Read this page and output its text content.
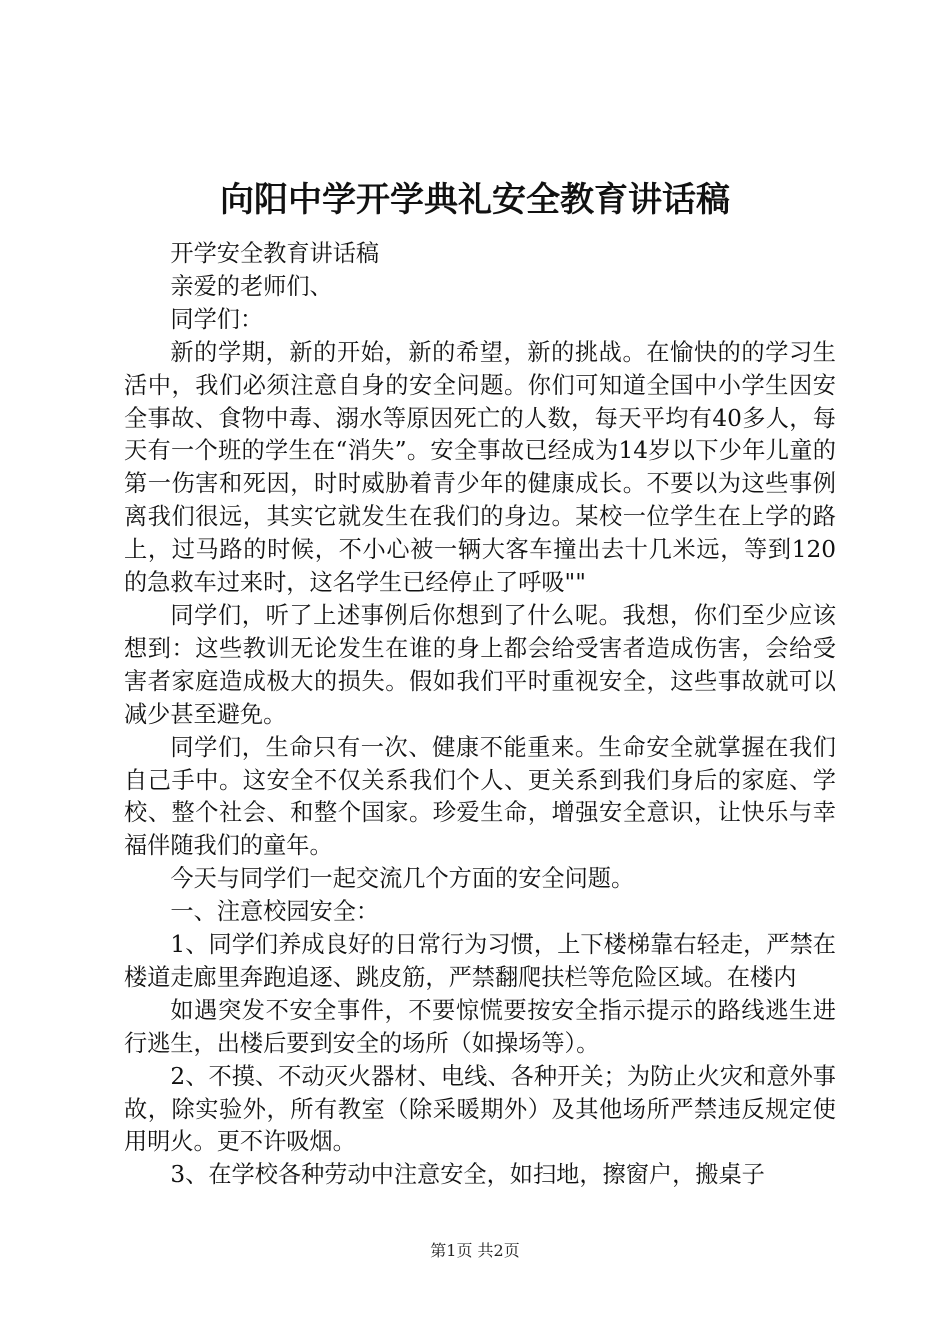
向阳中学开学典礼安全教育讲话稿

开学安全教育讲话稿

亲爱的老师们、

同学们：

新的学期，新的开始，新的希望，新的挑战。在愉快的的学习生活中，我们必须注意自身的安全问题。你们可知道全国中小学生因安全事故、食物中毒、溺水等原因死亡的人数，每天平均有40多人，每天有一个班的学生在“消失”。安全事故已经成为14岁以下少年儿童的第一伤害和死因，时时威胁着青少年的健康成长。不要以为这些事例离我们很远，其实它就发生在我们的身边。某校一位学生在上学的路上，过马路的时候，不小心被一辆大客车撞出去十几米远，等到120的急救车过来时，这名学生已经停止了呼吸""

同学们，听了上述事例后你想到了什么呢。我想，你们至少应该想到：这些教训无论发生在谁的身上都会给受害者造成伤害，会给受害者家庭造成极大的损失。假如我们平时重视安全，这些事故就可以减少甚至避免。

同学们，生命只有一次、健康不能重来。生命安全就掌握在我们自己手中。这安全不仅关系我们个人、更关系到我们身后的家庭、学校、整个社会、和整个国家。珍爱生命，增强安全意识，让快乐与幸福伴随我们的童年。

今天与同学们一起交流几个方面的安全问题。

一、注意校园安全：

1、同学们养成良好的日常行为习惯，上下楼梯靠右轻走，严禁在楼道走廊里奔跑追逐、跳皮筋，严禁翻爬扶栏等危险区域。在楼内

如遇突发不安全事件，不要惊慌要按安全指示提示的路线逃生进行逃生，出楼后要到安全的场所（如操场等）。

2、不摸、不动灭火器材、电线、各种开关；为防止火灾和意外事故，除实验外，所有教室（除采暖期外）及其他场所严禁违反规定使用明火。更不许吸烟。

3、在学校各种劳动中注意安全，如扫地，擦窗户，搬桌子

第1页 共2页
